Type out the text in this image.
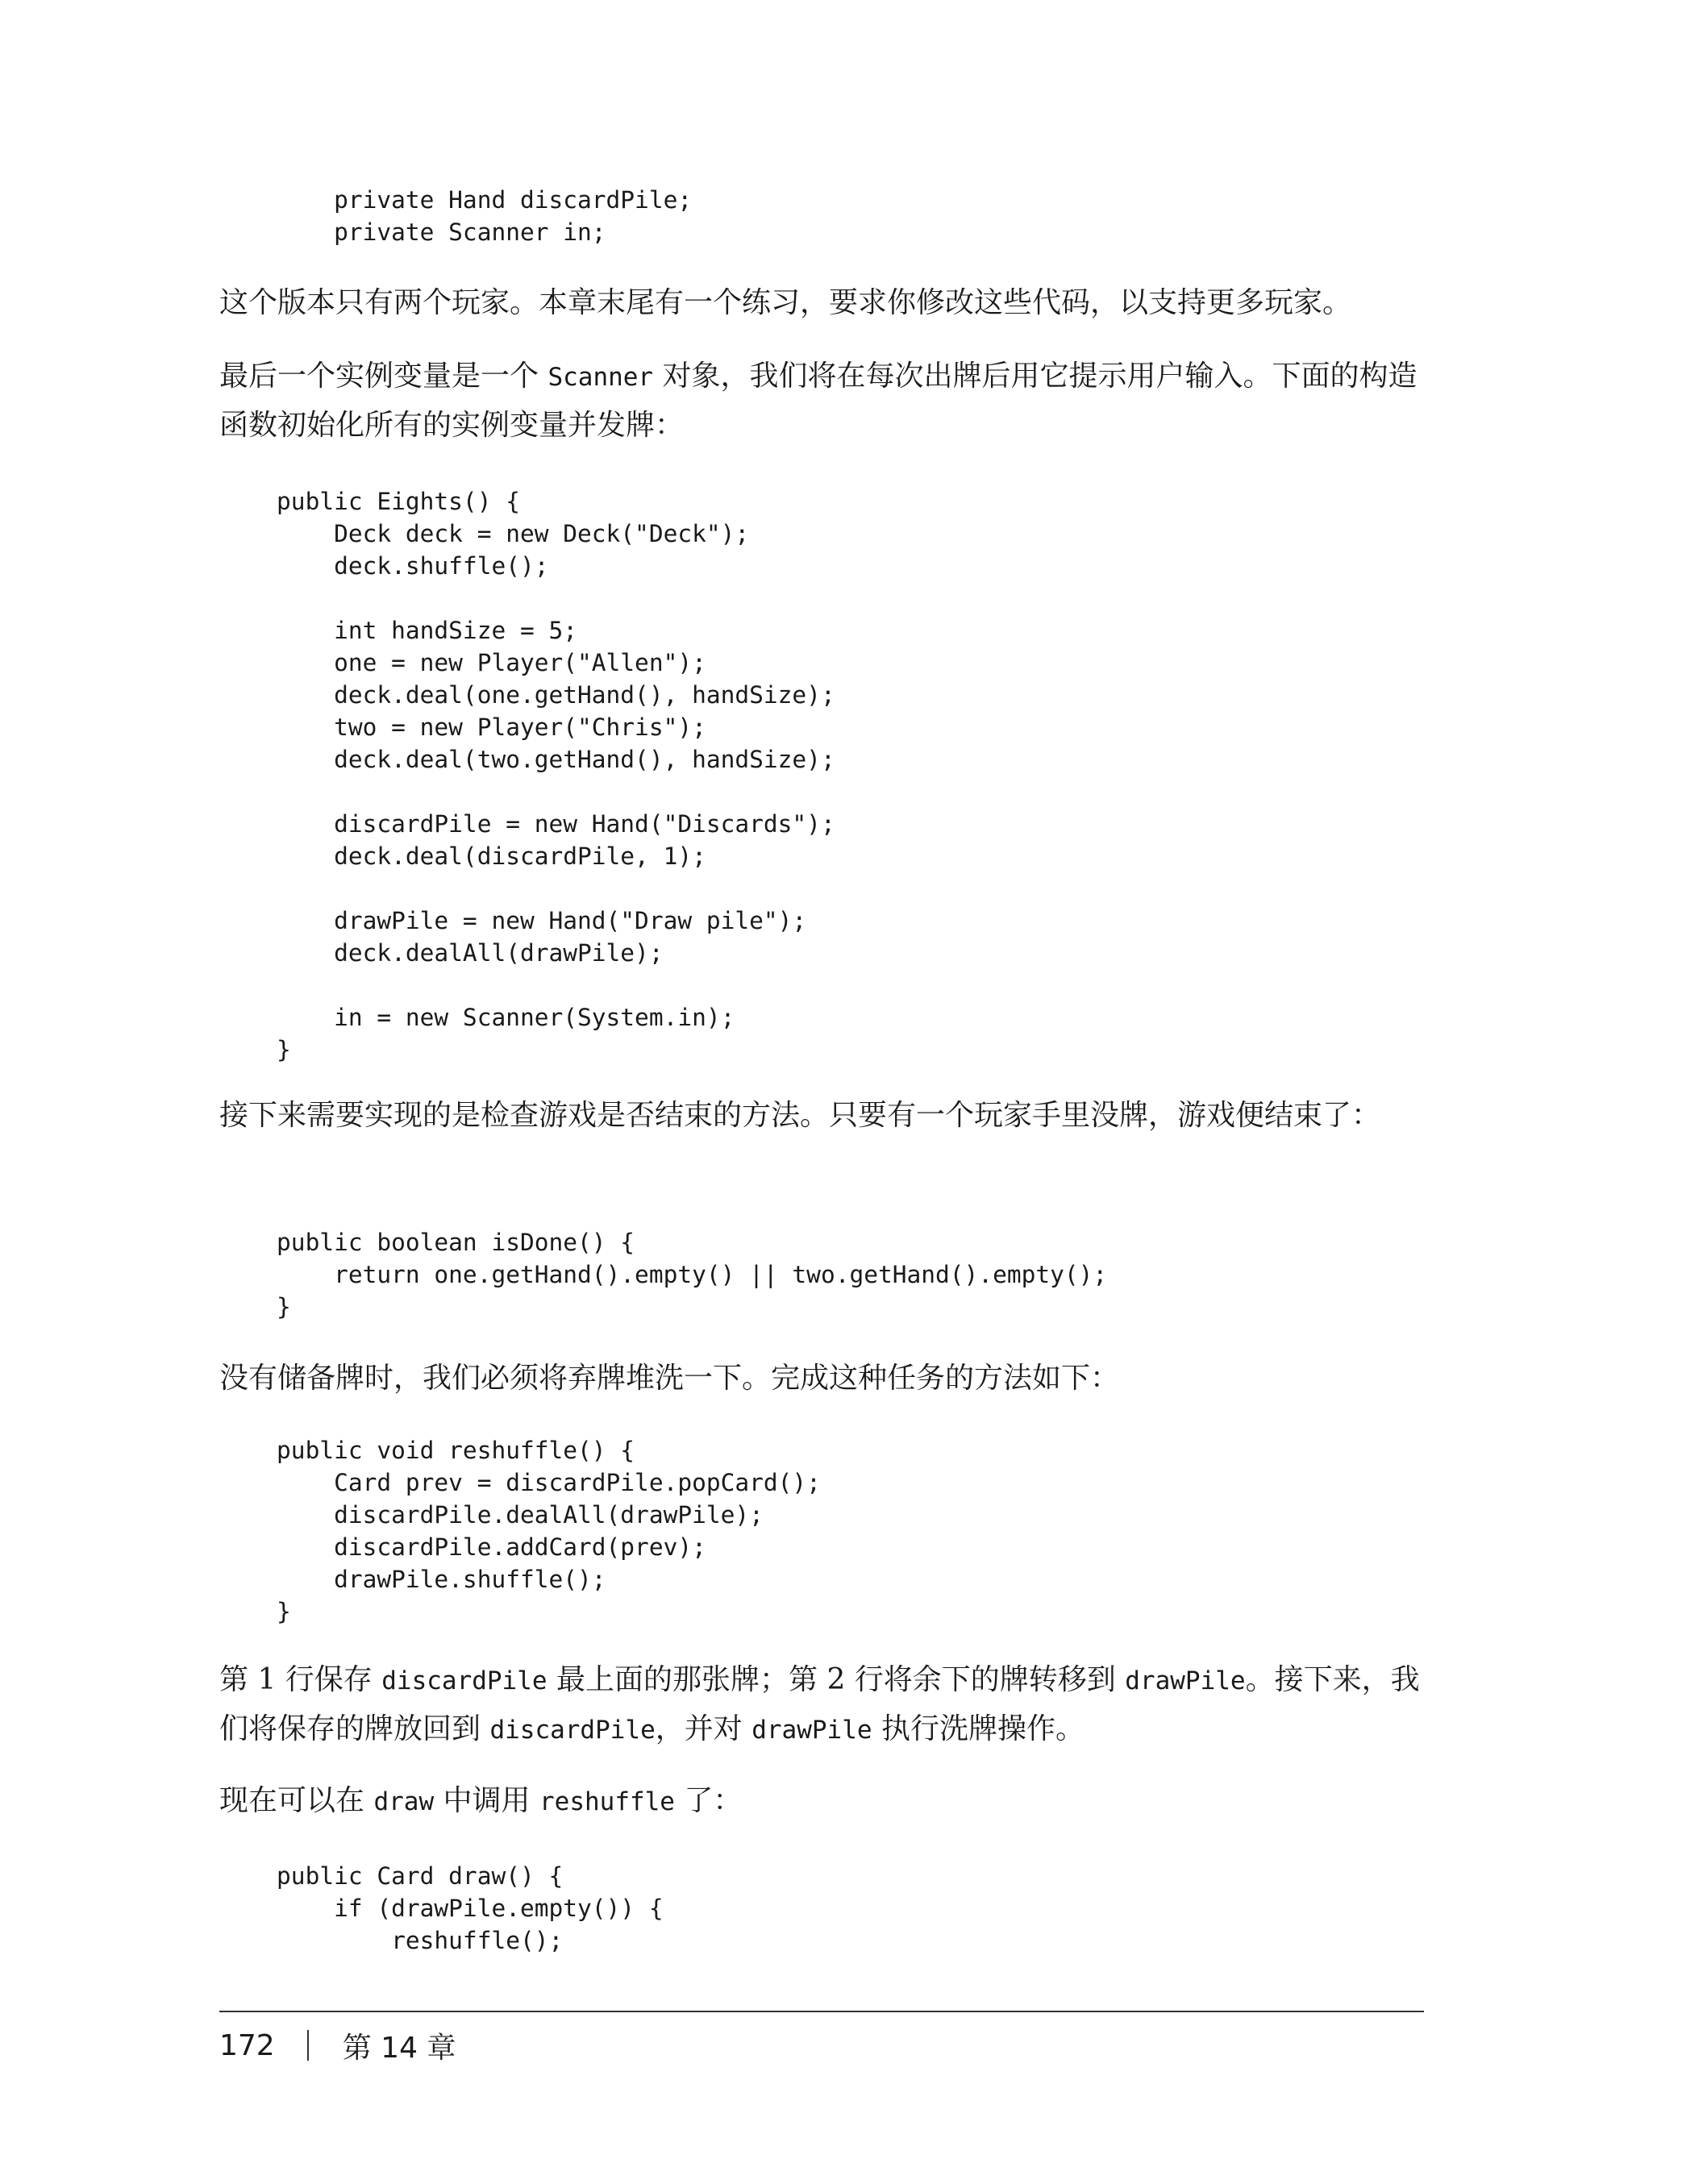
private Hand discardPile;
private Scanner in;

这个版本只有两个玩家。本章末尾有一个练习，要求你修改这些代码，以支持更多玩家。

最后一个实例变量是一个 Scanner 对象，我们将在每次出牌后用它提示用户输入。下面的构造函数初始化所有的实例变量并发牌：

public Eights() {
Deck deck = new Deck("Deck");
deck.shuffle();

int handSize = 5;
one = new Player("Allen");
deck.deal(one.getHand(), handSize);
two = new Player("Chris");
deck.deal(two.getHand(), handSize);

discardPile = new Hand("Discards");
deck.deal(discardPile, 1);

drawPile = new Hand("Draw pile");
deck.dealAll(drawPile);

in = new Scanner(System.in);
}

接下来需要实现的是检查游戏是否结束的方法。只要有一个玩家手里没牌，游戏便结束了：

public boolean isDone() {
return one.getHand().empty() || two.getHand().empty();
}

没有储备牌时，我们必须将弃牌堆洗一下。完成这种任务的方法如下：

public void reshuffle() {
Card prev = discardPile.popCard();
discardPile.dealAll(drawPile);
discardPile.addCard(prev);
drawPile.shuffle();
}

第 1 行保存 discardPile 最上面的那张牌；第 2 行将余下的牌转移到 drawPile。接下来，我们将保存的牌放回到 discardPile，并对 drawPile 执行洗牌操作。

现在可以在 draw 中调用 reshuffle 了：

public Card draw() {
if (drawPile.empty()) {
reshuffle();
172 第 14 章
